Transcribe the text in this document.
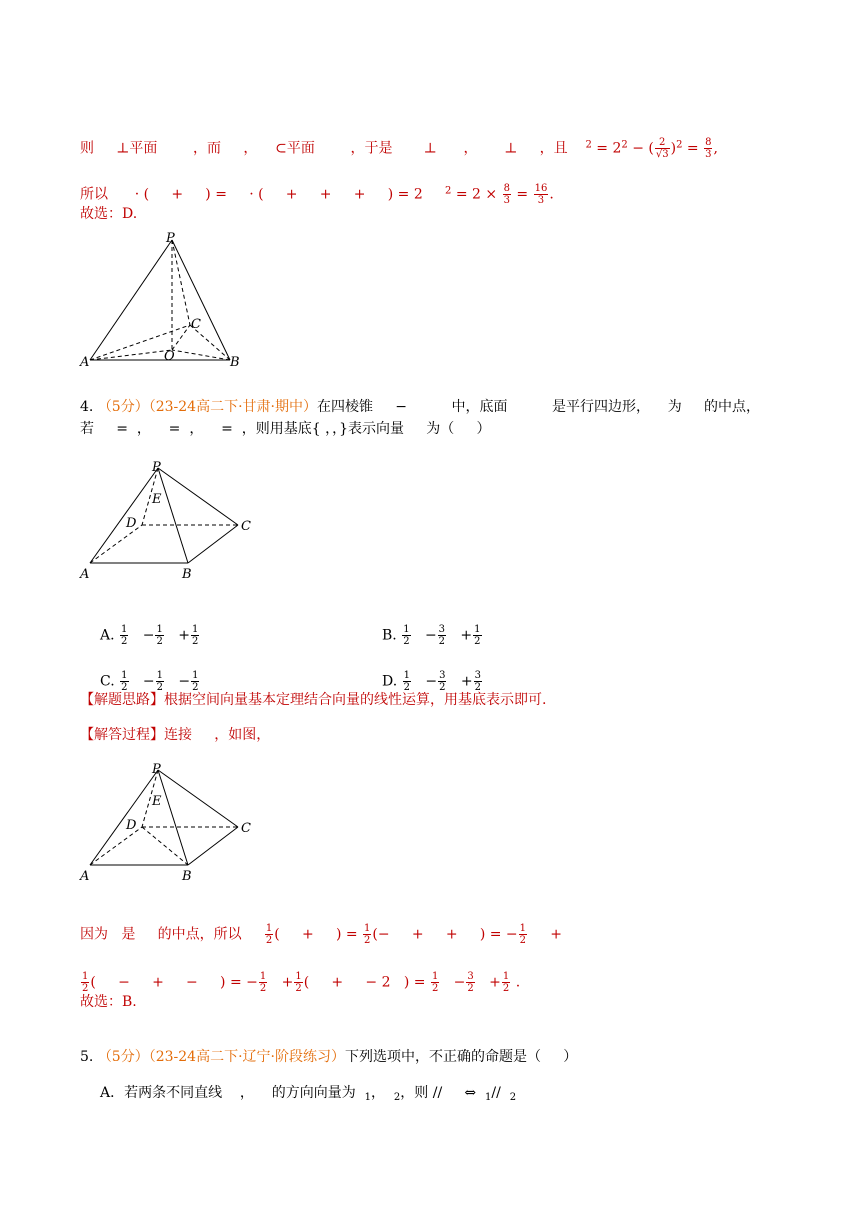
则 ⊥平面	，而 ， ⊂平面	，于是 ⊥ ， ⊥ ，且 $^2 = 2^2$ − ( $\frac{2}{√3} )^2 = \frac{8}{3}$ ,

所以 · (     +     ) =     · (     +     +     +     ) = 2 $^2 = 2 \times \frac{8}{3} = \frac{16}{3}$ .

故选：D.
P
A	B
C
O

4. （5分）（23-24高二下·甘肃·期中）在四棱锥     −          中，底面          是平行四边形，    为     的中点，

若     =  ，    =  ，    =  ，则用基底{ ，，}表示向量     为（     ）
P
E
D	C
A	B

A. $\frac{1}{2} - \frac{1}{2} + \frac{1}{2}$	B. $\frac{1}{2} - \frac{3}{2} + \frac{1}{2}$

C. $\frac{1}{2} - \frac{1}{2} - \frac{1}{2}$	D. $\frac{1}{2} - \frac{3}{2} + \frac{3}{2}$

【解题思路】根据空间向量基本定理结合向量的线性运算，用基底表示即可.
【解答过程】连接     ，如图，
P
E
D	C
A	B

因为   是     的中点，所以 $\frac{1}{2}$ (     +     ) = $\frac{1}{2}$ (−     +     +     ) = − $\frac{1}{2}$ +

$\frac{1}{2}$ (     −     +     −     ) = − $\frac{1}{2} + \frac{1}{2}$ (     +     − 2   ) = $\frac{1}{2} - \frac{3}{2} + \frac{1}{2}$ .

故选：B.

5. （5分）（23-24高二下·辽宁·阶段练习）下列选项中，不正确的命题是（     ）

A．若两条不同直线    ，    的方向向量为 $_1$， $_2$，则 //     ⇔  $_1$// $_2$
